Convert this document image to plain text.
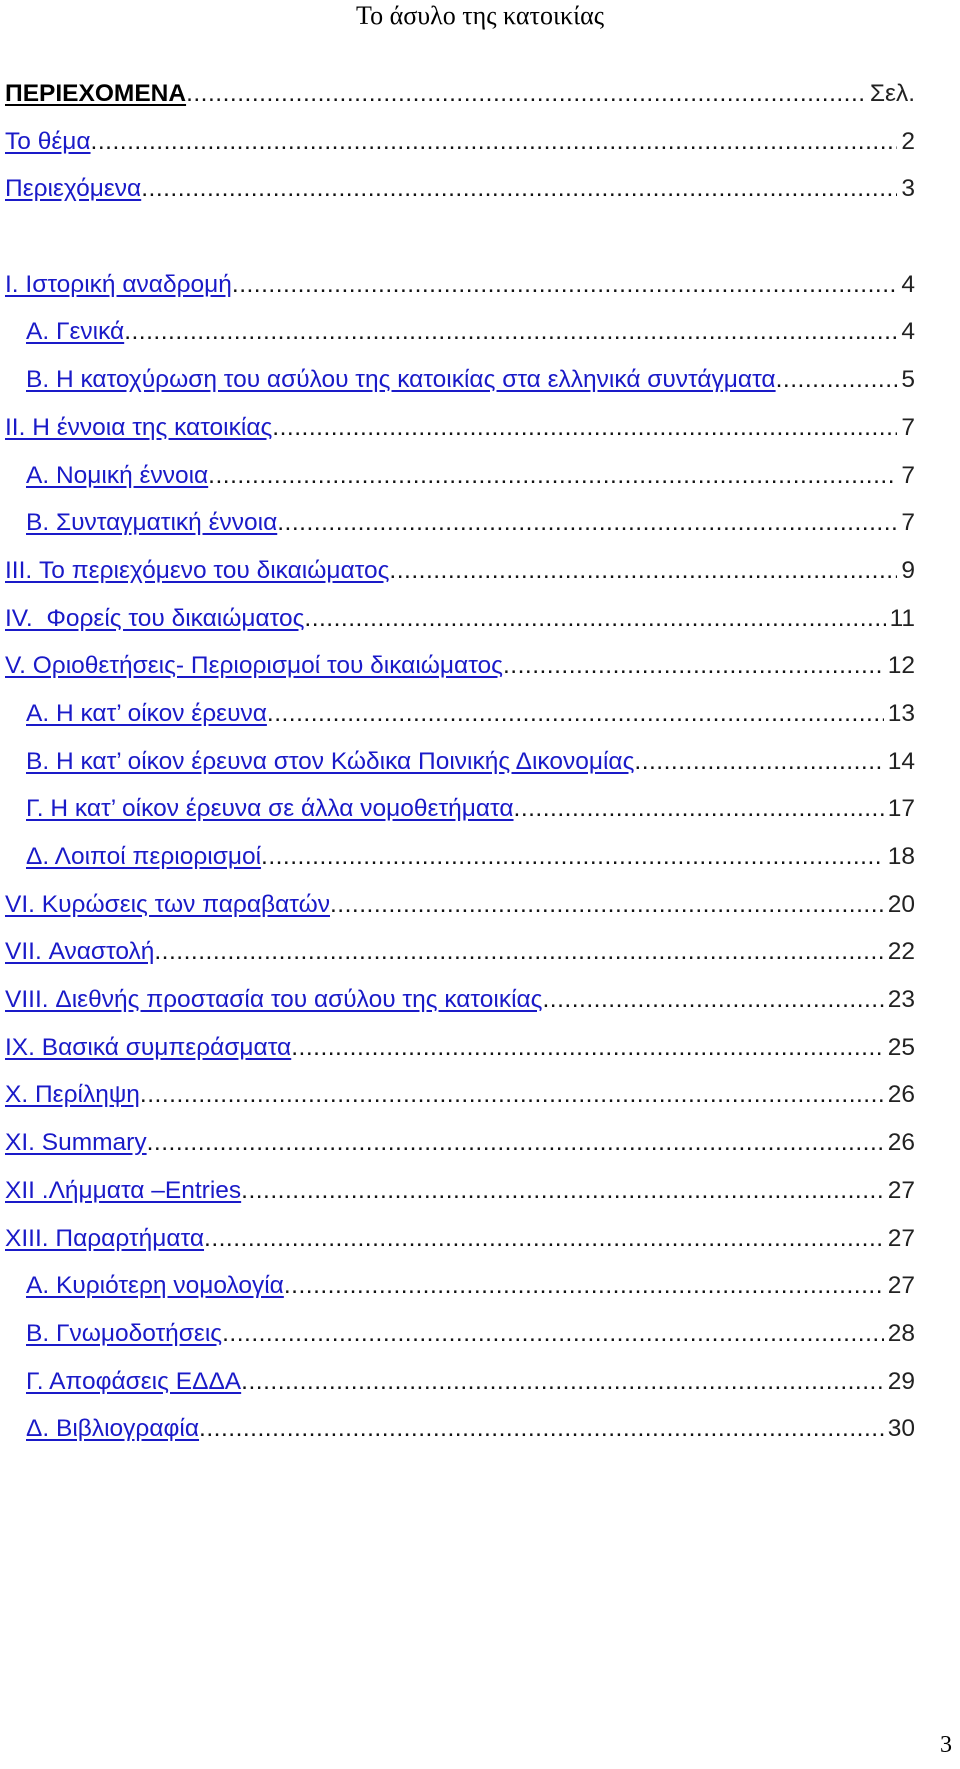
Το άσυλο της κατοικίας
ΠΕΡΙΕΧΟΜΕΝΑ .....	Σελ.
Το θέμα .....	2
Περιεχόμενα .....	3
I. Ιστορική αναδρομή .....	4
Α. Γενικά .....	4
Β. Η κατοχύρωση του ασύλου της κατοικίας στα ελληνικά συντάγματα .....	5
II. Η έννοια της κατοικίας .....	7
Α. Νομική έννοια .....	7
Β. Συνταγματική έννοια .....	7
III. Το περιεχόμενο του δικαιώματος .....	9
IV.  Φορείς του δικαιώματος .....	11
V. Οριοθετήσεις- Περιορισμοί του δικαιώματος .....	12
Α. Η κατ’ οίκον έρευνα .....	13
Β. Η κατ’ οίκον έρευνα στον Κώδικα Ποινικής Δικονομίας .....	14
Γ. Η κατ’ οίκον έρευνα σε άλλα νομοθετήματα .....	17
Δ. Λοιποί περιορισμοί .....	18
VI. Κυρώσεις των παραβατών .....	20
VII. Αναστολή .....	22
VIII. Διεθνής προστασία του ασύλου της κατοικίας .....	23
IX. Βασικά συμπεράσματα .....	25
X. Περίληψη .....	26
XI. Summary .....	26
XII .Λήμματα –Entries .....	27
XIII. Παραρτήματα .....	27
Α. Κυριότερη νομολογία .....	27
Β. Γνωμοδοτήσεις .....	28
Γ. Αποφάσεις ΕΔΔΑ .....	29
Δ. Βιβλιογραφία .....	30
3
